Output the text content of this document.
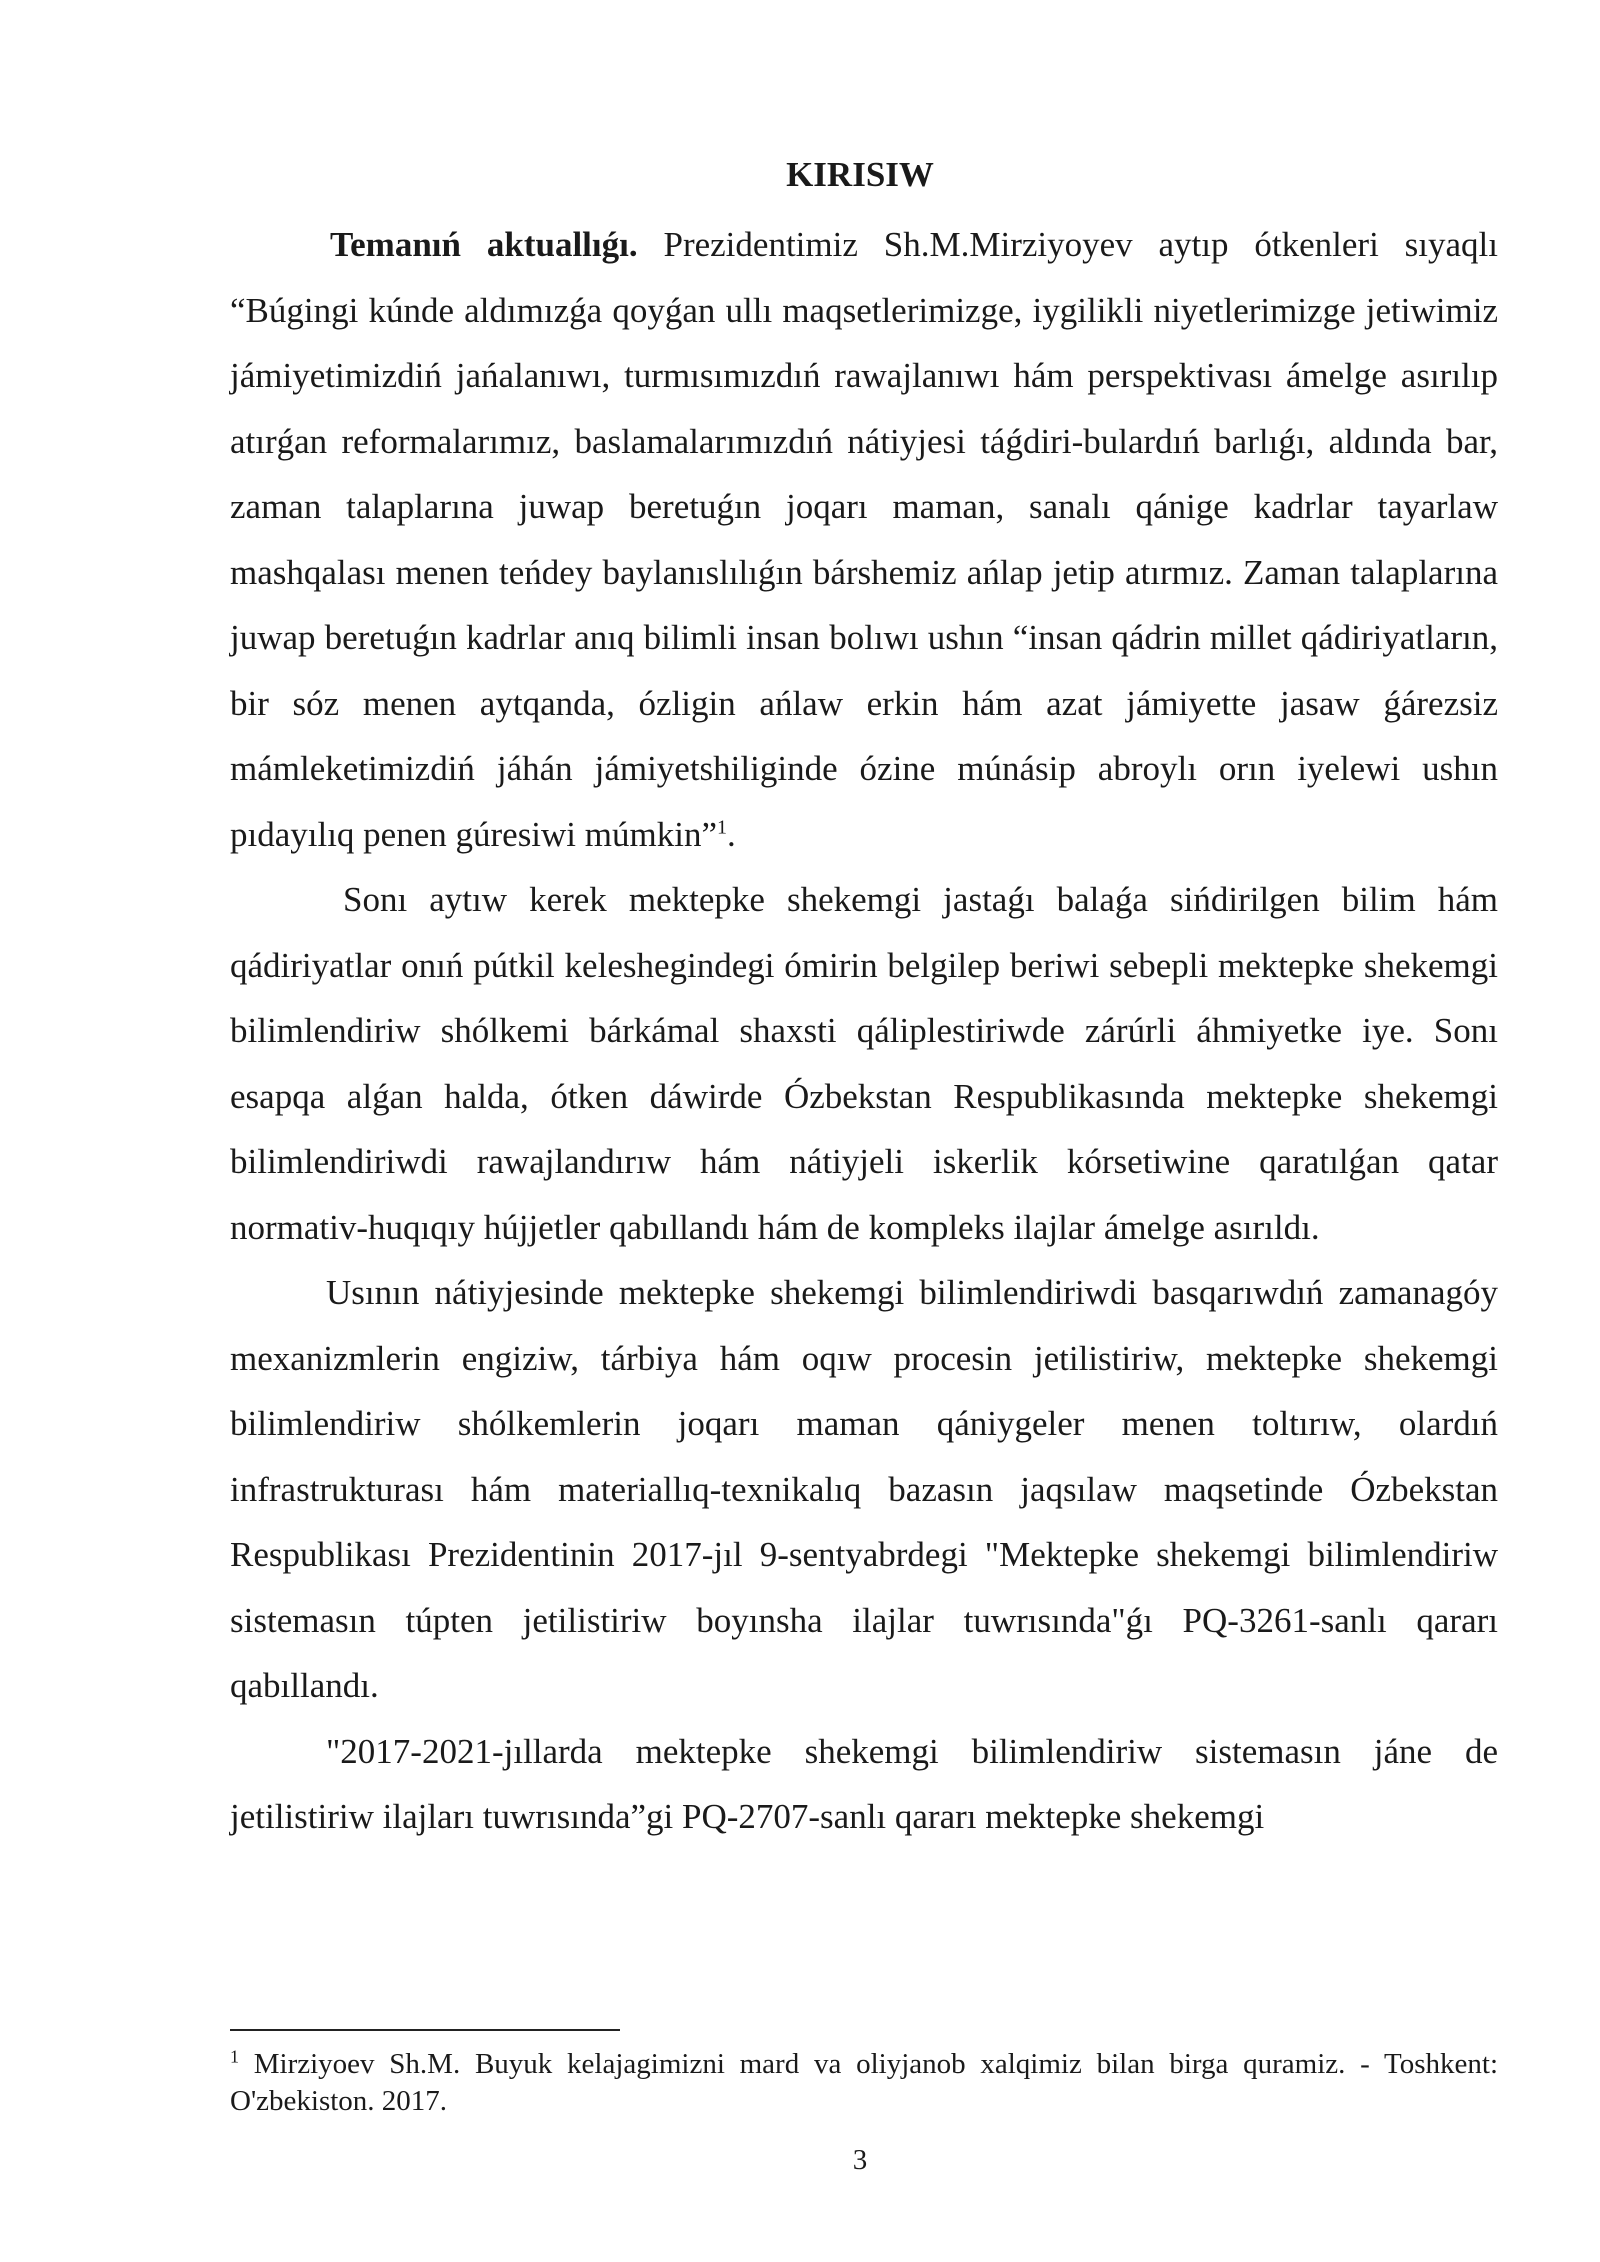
KIRISIW

Temanıń aktuallıǵı. Prezidentimiz Sh.M.Mirziyoyev aytıp ótkenleri sıyaqlı “Búgingi kúnde aldımızǵa qoyǵan ullı maqsetlerimizge, iygilikli niyetlerimizge jetiwimiz jámiyetimizdiń jańalanıwı, turmısımızdıń rawajlanıwı hám perspektivası ámelge asırılıp atırǵan reformalarımız, baslamalarımızdıń nátiyjesi táǵdiri-bulardıń barlıǵı, aldında bar, zaman talaplarına juwap beretuǵın joqarı maman, sanalı qánige kadrlar tayarlaw mashqalası menen teńdey baylanıslılıǵın bárshemiz ańlap jetip atırmız. Zaman talaplarına juwap beretuǵın kadrlar anıq bilimli insan bolıwı ushın “insan qádrin millet qádiriyatların, bir sóz menen aytqanda, ózligin ańlaw erkin hám azat jámiyette jasaw ǵárezsiz mámleketimizdiń jáhán jámiyetshiliginde ózine múnásip abroylı orın iyelewi ushın pıdayılıq penen gúresiwi múmkin”$^1$.

Sonı aytıw kerek mektepke shekemgi jastaǵı balaǵa sińdirilgen bilim hám qádiriyatlar onıń pútkil keleshegindegi ómirin belgilep beriwi sebepli mektepke shekemgi bilimlendiriw shólkemi bárkámal shaxsti qáliplestiriwde zárúrli áhmiyetke iye. Sonı esapqa alǵan halda, ótken dáwirde Ózbekstan Respublikasında mektepke shekemgi bilimlendiriwdi rawajlandırıw hám nátiyjeli iskerlik kórsetiwine qaratılǵan qatar normativ-huqıqıy hújjetler qabıllandı hám de kompleks ilajlar ámelge asırıldı.

Usının nátiyjesinde mektepke shekemgi bilimlendiriwdi basqarıwdıń zamanagóy mexanizmlerin engiziw, tárbiya hám oqıw procesin jetilistiriw, mektepke shekemgi bilimlendiriw shólkemlerin joqarı maman qániygeler menen toltırıw, olardıń infrastrukturası hám materiallıq-texnikalıq bazasın jaqsılaw maqsetinde Ózbekstan Respublikası Prezidentinin 2017-jıl 9-sentyabrdegi "Mektepke shekemgi bilimlendiriw sistemasın túpten jetilistiriw boyınsha ilajlar tuwrısında"ǵı PQ-3261-sanlı qararı qabıllandı.

"2017-2021-jıllarda mektepke shekemgi bilimlendiriw sistemasın jáne de jetilistiriw ilajları tuwrısında”gi PQ-2707-sanlı qararı mektepke shekemgi

$^1$ Mirziyoev Sh.M. Buyuk kelajagimizni mard va oliyjanob xalqimiz bilan birga quramiz. - Toshkent: O'zbekiston. 2017.

3
